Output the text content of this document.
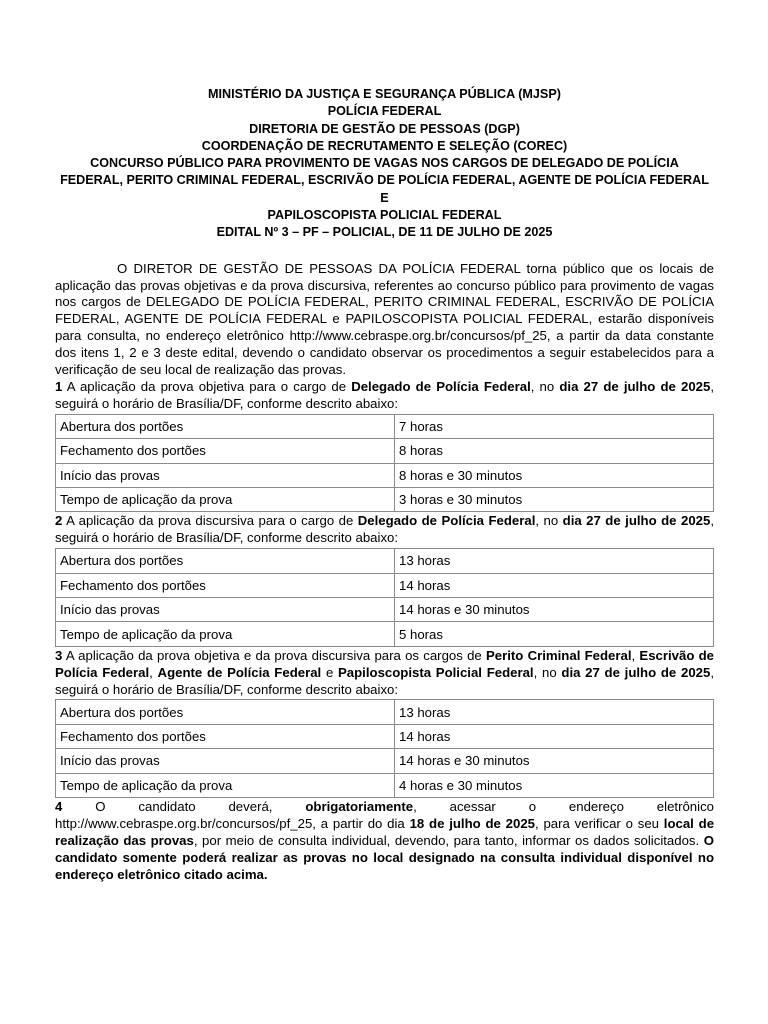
MINISTÉRIO DA JUSTIÇA E SEGURANÇA PÚBLICA (MJSP)
POLÍCIA FEDERAL
DIRETORIA DE GESTÃO DE PESSOAS (DGP)
COORDENAÇÃO DE RECRUTAMENTO E SELEÇÃO (COREC)
CONCURSO PÚBLICO PARA PROVIMENTO DE VAGAS NOS CARGOS DE DELEGADO DE POLÍCIA
FEDERAL, PERITO CRIMINAL FEDERAL, ESCRIVÃO DE POLÍCIA FEDERAL, AGENTE DE POLÍCIA FEDERAL E
PAPILOSCOPISTA POLICIAL FEDERAL
EDITAL Nº 3 – PF – POLICIAL, DE 11 DE JULHO DE 2025

O DIRETOR DE GESTÃO DE PESSOAS DA POLÍCIA FEDERAL torna público que os locais de aplicação das provas objetivas e da prova discursiva, referentes ao concurso público para provimento de vagas nos cargos de DELEGADO DE POLÍCIA FEDERAL, PERITO CRIMINAL FEDERAL, ESCRIVÃO DE POLÍCIA FEDERAL, AGENTE DE POLÍCIA FEDERAL e PAPILOSCOPISTA POLICIAL FEDERAL, estarão disponíveis para consulta, no endereço eletrônico http://www.cebraspe.org.br/concursos/pf_25, a partir da data constante dos itens 1, 2 e 3 deste edital, devendo o candidato observar os procedimentos a seguir estabelecidos para a verificação de seu local de realização das provas.

1 A aplicação da prova objetiva para o cargo de Delegado de Polícia Federal, no dia 27 de julho de 2025, seguirá o horário de Brasília/DF, conforme descrito abaixo:

Abertura dos portões	7 horas
Fechamento dos portões	8 horas
Início das provas	8 horas e 30 minutos
Tempo de aplicação da prova	3 horas e 30 minutos

2 A aplicação da prova discursiva para o cargo de Delegado de Polícia Federal, no dia 27 de julho de 2025, seguirá o horário de Brasília/DF, conforme descrito abaixo:

Abertura dos portões	13 horas
Fechamento dos portões	14 horas
Início das provas	14 horas e 30 minutos
Tempo de aplicação da prova	5 horas

3 A aplicação da prova objetiva e da prova discursiva para os cargos de Perito Criminal Federal, Escrivão de Polícia Federal, Agente de Polícia Federal e Papiloscopista Policial Federal, no dia 27 de julho de 2025, seguirá o horário de Brasília/DF, conforme descrito abaixo:

Abertura dos portões	13 horas
Fechamento dos portões	14 horas
Início das provas	14 horas e 30 minutos
Tempo de aplicação da prova	4 horas e 30 minutos

4 O candidato deverá, obrigatoriamente, acessar o endereço eletrônico http://www.cebraspe.org.br/concursos/pf_25, a partir do dia 18 de julho de 2025, para verificar o seu local de realização das provas, por meio de consulta individual, devendo, para tanto, informar os dados solicitados. O candidato somente poderá realizar as provas no local designado na consulta individual disponível no endereço eletrônico citado acima.
